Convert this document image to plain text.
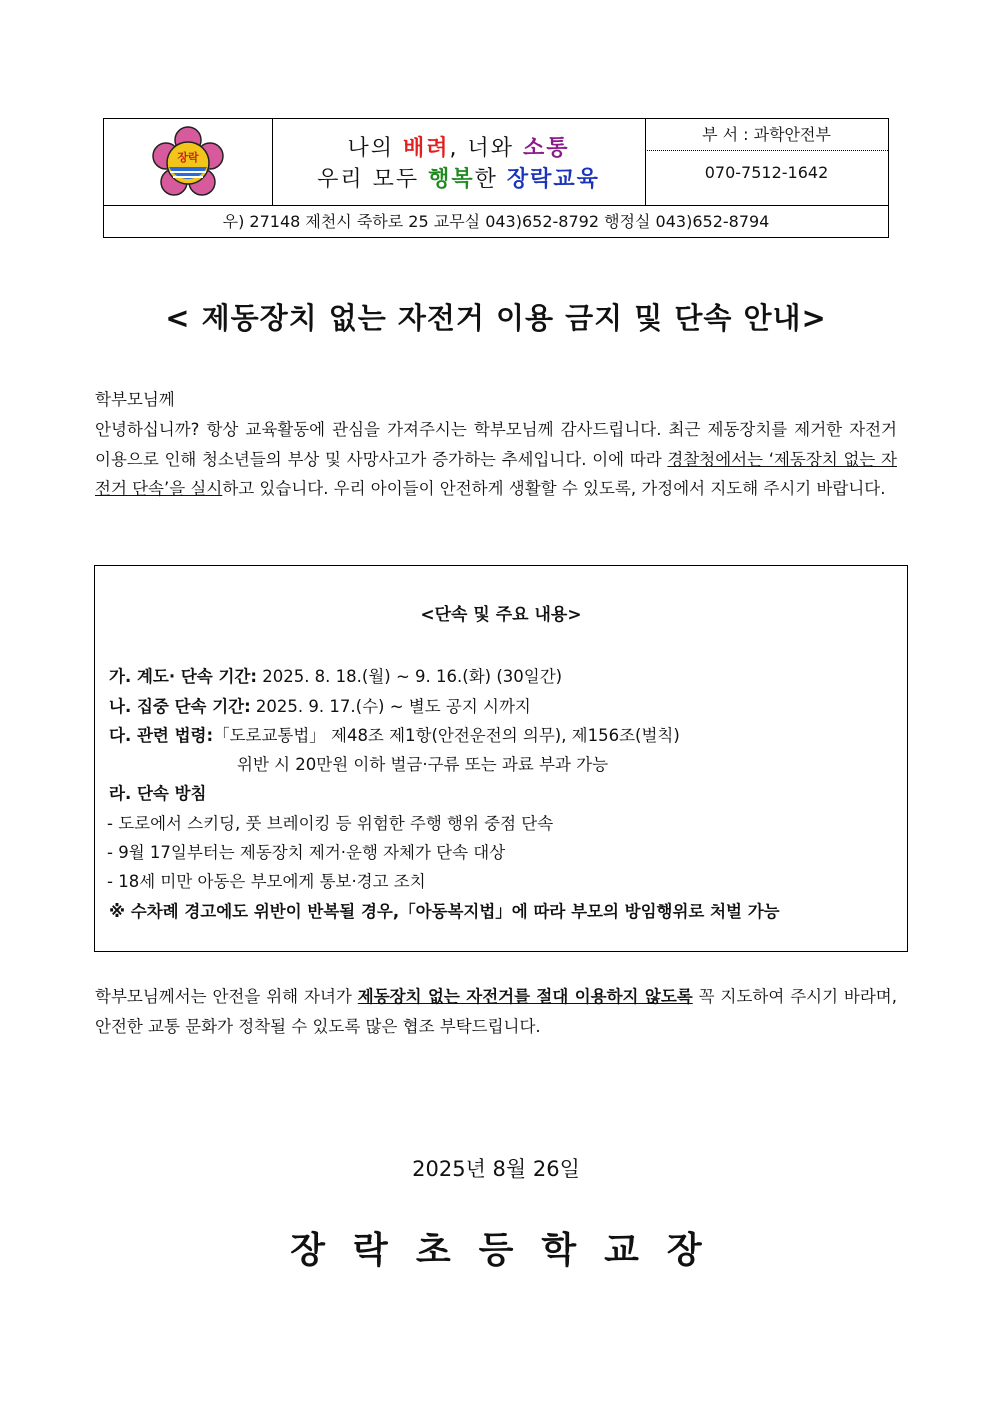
장락	나의 배려, 너와 소통
우리 모두 행복한 장락교육
부 서 : 과학안전부
070-7512-1642
우) 27148 제천시 죽하로 25 교무실 043)652-8792 행정실 043)652-8794
< 제동장치 없는 자전거 이용 금지 및 단속 안내>
학부모님께
안녕하십니까? 항상 교육활동에 관심을 가져주시는 학부모님께 감사드립니다. 최근 제동장치를 제거한 자전거 이용으로 인해 청소년들의 부상 및 사망사고가 증가하는 추세입니다. 이에 따라 경찰청에서는 ‘제동장치 없는 자전거 단속’을 실시하고 있습니다. 우리 아이들이 안전하게 생활할 수 있도록, 가정에서 지도해 주시기 바랍니다.
<단속 및 주요 내용>
가. 계도· 단속 기간: 2025. 8. 18.(월) ~ 9. 16.(화) (30일간)
나. 집중 단속 기간: 2025. 9. 17.(수) ~ 별도 공지 시까지
다. 관련 법령:「도로교통법」 제48조 제1항(안전운전의 의무), 제156조(벌칙)
위반 시 20만원 이하 벌금·구류 또는 과료 부과 가능
라. 단속 방침
- 도로에서 스키딩, 풋 브레이킹 등 위험한 주행 행위 중점 단속
- 9월 17일부터는 제동장치 제거·운행 자체가 단속 대상
- 18세 미만 아동은 부모에게 통보·경고 조치
※ 수차례 경고에도 위반이 반복될 경우,「아동복지법」에 따라 부모의 방임행위로 처벌 가능
학부모님께서는 안전을 위해 자녀가 제동장치 없는 자전거를 절대 이용하지 않도록 꼭 지도하여 주시기 바라며, 안전한 교통 문화가 정착될 수 있도록 많은 협조 부탁드립니다.
2025년 8월 26일
장락초등학교장
